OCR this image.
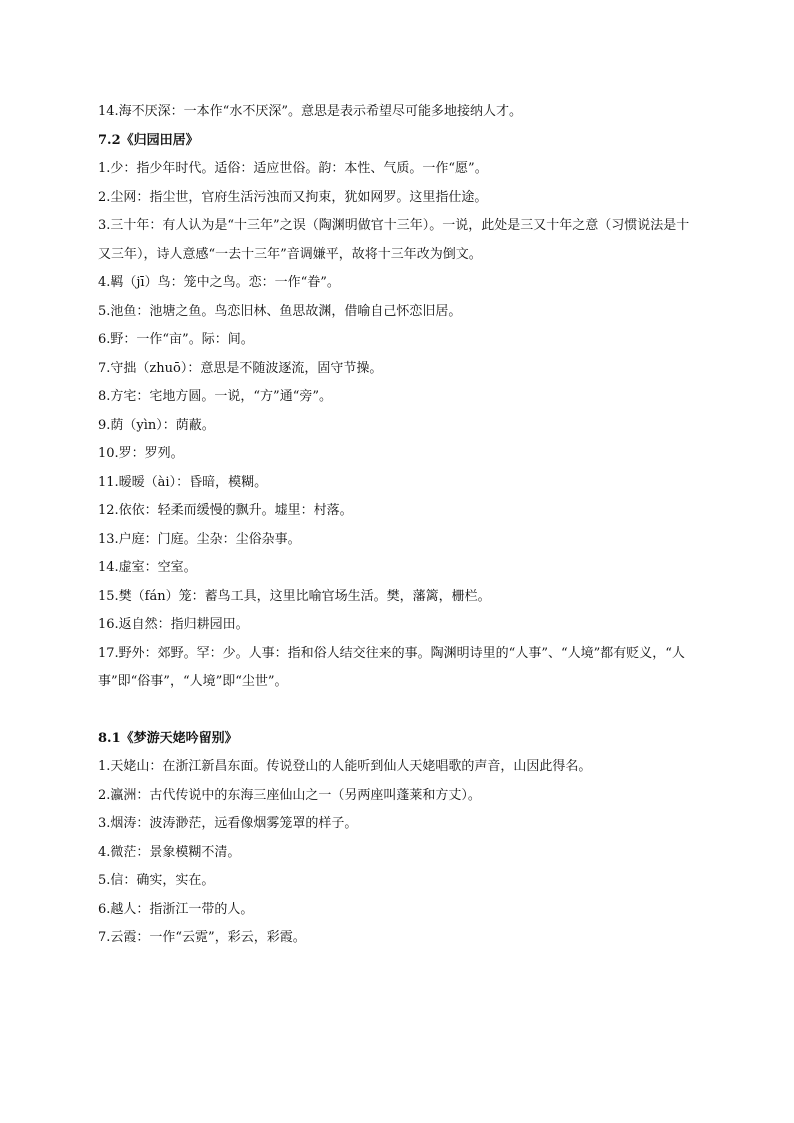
14.海不厌深：一本作“水不厌深”。意思是表示希望尽可能多地接纳人才。
7.2《归园田居》
1.少：指少年时代。适俗：适应世俗。韵：本性、气质。一作“愿”。
2.尘网：指尘世，官府生活污浊而又拘束，犹如网罗。这里指仕途。
3.三十年：有人认为是“十三年”之误（陶渊明做官十三年）。一说，此处是三又十年之意（习惯说法是十又三年），诗人意感“一去十三年”音调嫌平，故将十三年改为倒文。
4.羁（jī）鸟：笼中之鸟。恋：一作“眷”。
5.池鱼：池塘之鱼。鸟恋旧林、鱼思故渊，借喻自己怀恋旧居。
6.野：一作“亩”。际：间。
7.守拙（zhuō）：意思是不随波逐流，固守节操。
8.方宅：宅地方圆。一说，“方”通“旁”。
9.荫（yìn）：荫蔽。
10.罗：罗列。
11.暧暧（ài）：昏暗，模糊。
12.依依：轻柔而缓慢的飘升。墟里：村落。
13.户庭：门庭。尘杂：尘俗杂事。
14.虚室：空室。
15.樊（fán）笼：蓄鸟工具，这里比喻官场生活。樊，藩篱，栅栏。
16.返自然：指归耕园田。
17.野外：郊野。罕：少。人事：指和俗人结交往来的事。陶渊明诗里的“人事”、“人境”都有贬义，“人事”即“俗事”，“人境”即“尘世”。
8.1《梦游天姥吟留别》
1.天姥山：在浙江新昌东面。传说登山的人能听到仙人天姥唱歌的声音，山因此得名。
2.瀛洲：古代传说中的东海三座仙山之一（另两座叫蓬莱和方丈）。
3.烟涛：波涛渺茫，远看像烟雾笼罩的样子。
4.微茫：景象模糊不清。
5.信：确实，实在。
6.越人：指浙江一带的人。
7.云霞：一作“云霓”，彩云，彩霞。
